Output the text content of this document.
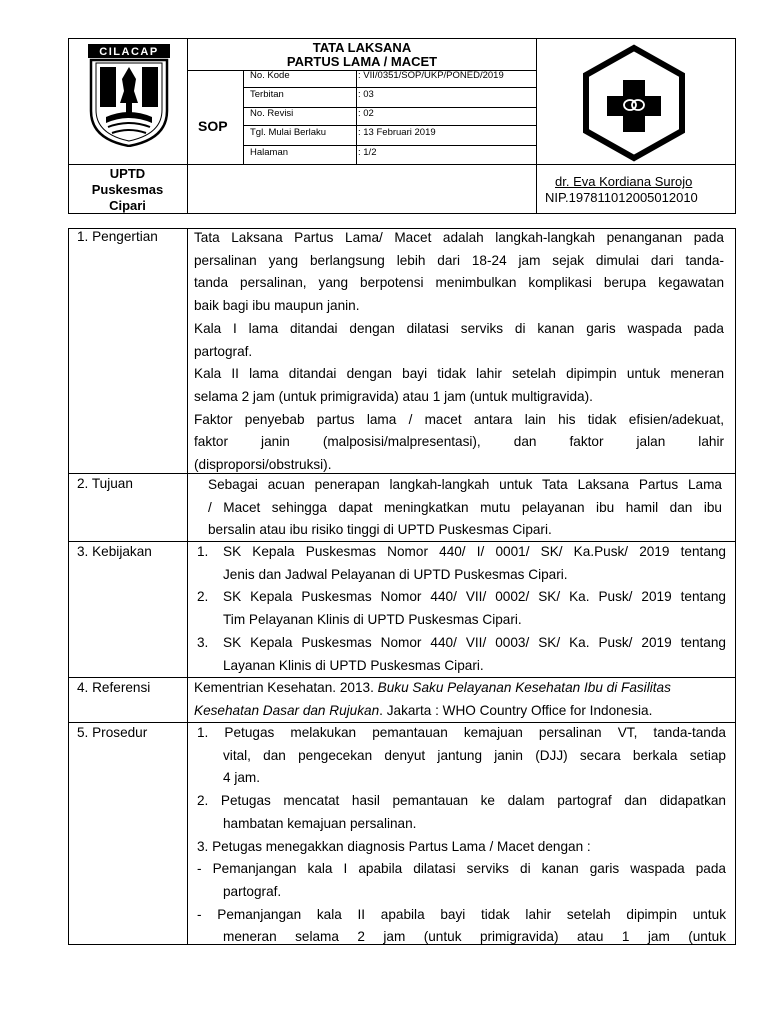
CILACAP	TATA LAKSANA
PARTUS LAMA / MACET
SOP
No. Kode	: VII/0351/SOP/UKP/PONED/2019
Terbitan	: 03
No. Revisi	: 02
Tgl. Mulai Berlaku	: 13 Februari 2019
Halaman	: 1/2
UPTD
Puskesmas
Cipari
dr. Eva Kordiana Surojo
NIP.197811012005012010
1. Pengertian	Tata Laksana Partus Lama/ Macet adalah langkah-langkah penanganan pada
persalinan yang berlangsung lebih dari 18-24 jam sejak dimulai dari tanda-
tanda persalinan, yang berpotensi menimbulkan komplikasi berupa kegawatan
baik bagi ibu maupun janin.
Kala I lama ditandai dengan dilatasi serviks di kanan garis waspada pada
partograf.
Kala II lama ditandai dengan bayi tidak lahir setelah dipimpin untuk meneran
selama 2 jam (untuk primigravida) atau 1 jam (untuk multigravida).
Faktor penyebab partus lama / macet antara lain his tidak efisien/adekuat,
faktor janin (malposisi/malpresentasi), dan faktor jalan lahir
(disproporsi/obstruksi).
2. Tujuan	Sebagai acuan penerapan langkah-langkah untuk Tata Laksana Partus Lama
/ Macet sehingga dapat meningkatkan mutu pelayanan ibu hamil dan ibu
bersalin atau ibu risiko tinggi di UPTD Puskesmas Cipari.
3. Kebijakan	1.	SK Kepala Puskesmas Nomor 440/ I/ 0001/ SK/ Ka.Pusk/ 2019 tentang
Jenis dan Jadwal Pelayanan di UPTD Puskesmas Cipari.
2.	SK Kepala Puskesmas Nomor 440/ VII/ 0002/ SK/ Ka. Pusk/ 2019 tentang
Tim Pelayanan Klinis di UPTD Puskesmas Cipari.
3.	SK Kepala Puskesmas Nomor 440/ VII/ 0003/ SK/ Ka. Pusk/ 2019 tentang
Layanan Klinis di UPTD Puskesmas Cipari.
4. Referensi	Kementrian Kesehatan. 2013. Buku Saku Pelayanan Kesehatan Ibu di Fasilitas
Kesehatan Dasar dan Rujukan. Jakarta : WHO Country Office for Indonesia.
5. Prosedur	1. Petugas melakukan pemantauan kemajuan persalinan VT, tanda-tanda
vital, dan pengecekan denyut jantung janin (DJJ) secara berkala setiap
4 jam.
2. Petugas mencatat hasil pemantauan ke dalam partograf dan didapatkan
hambatan kemajuan persalinan.
3. Petugas menegakkan diagnosis Partus Lama / Macet dengan :
- Pemanjangan kala I apabila dilatasi serviks di kanan garis waspada pada
partograf.
- Pemanjangan kala II apabila bayi tidak lahir setelah dipimpin untuk
meneran selama 2 jam (untuk primigravida) atau 1 jam (untuk
